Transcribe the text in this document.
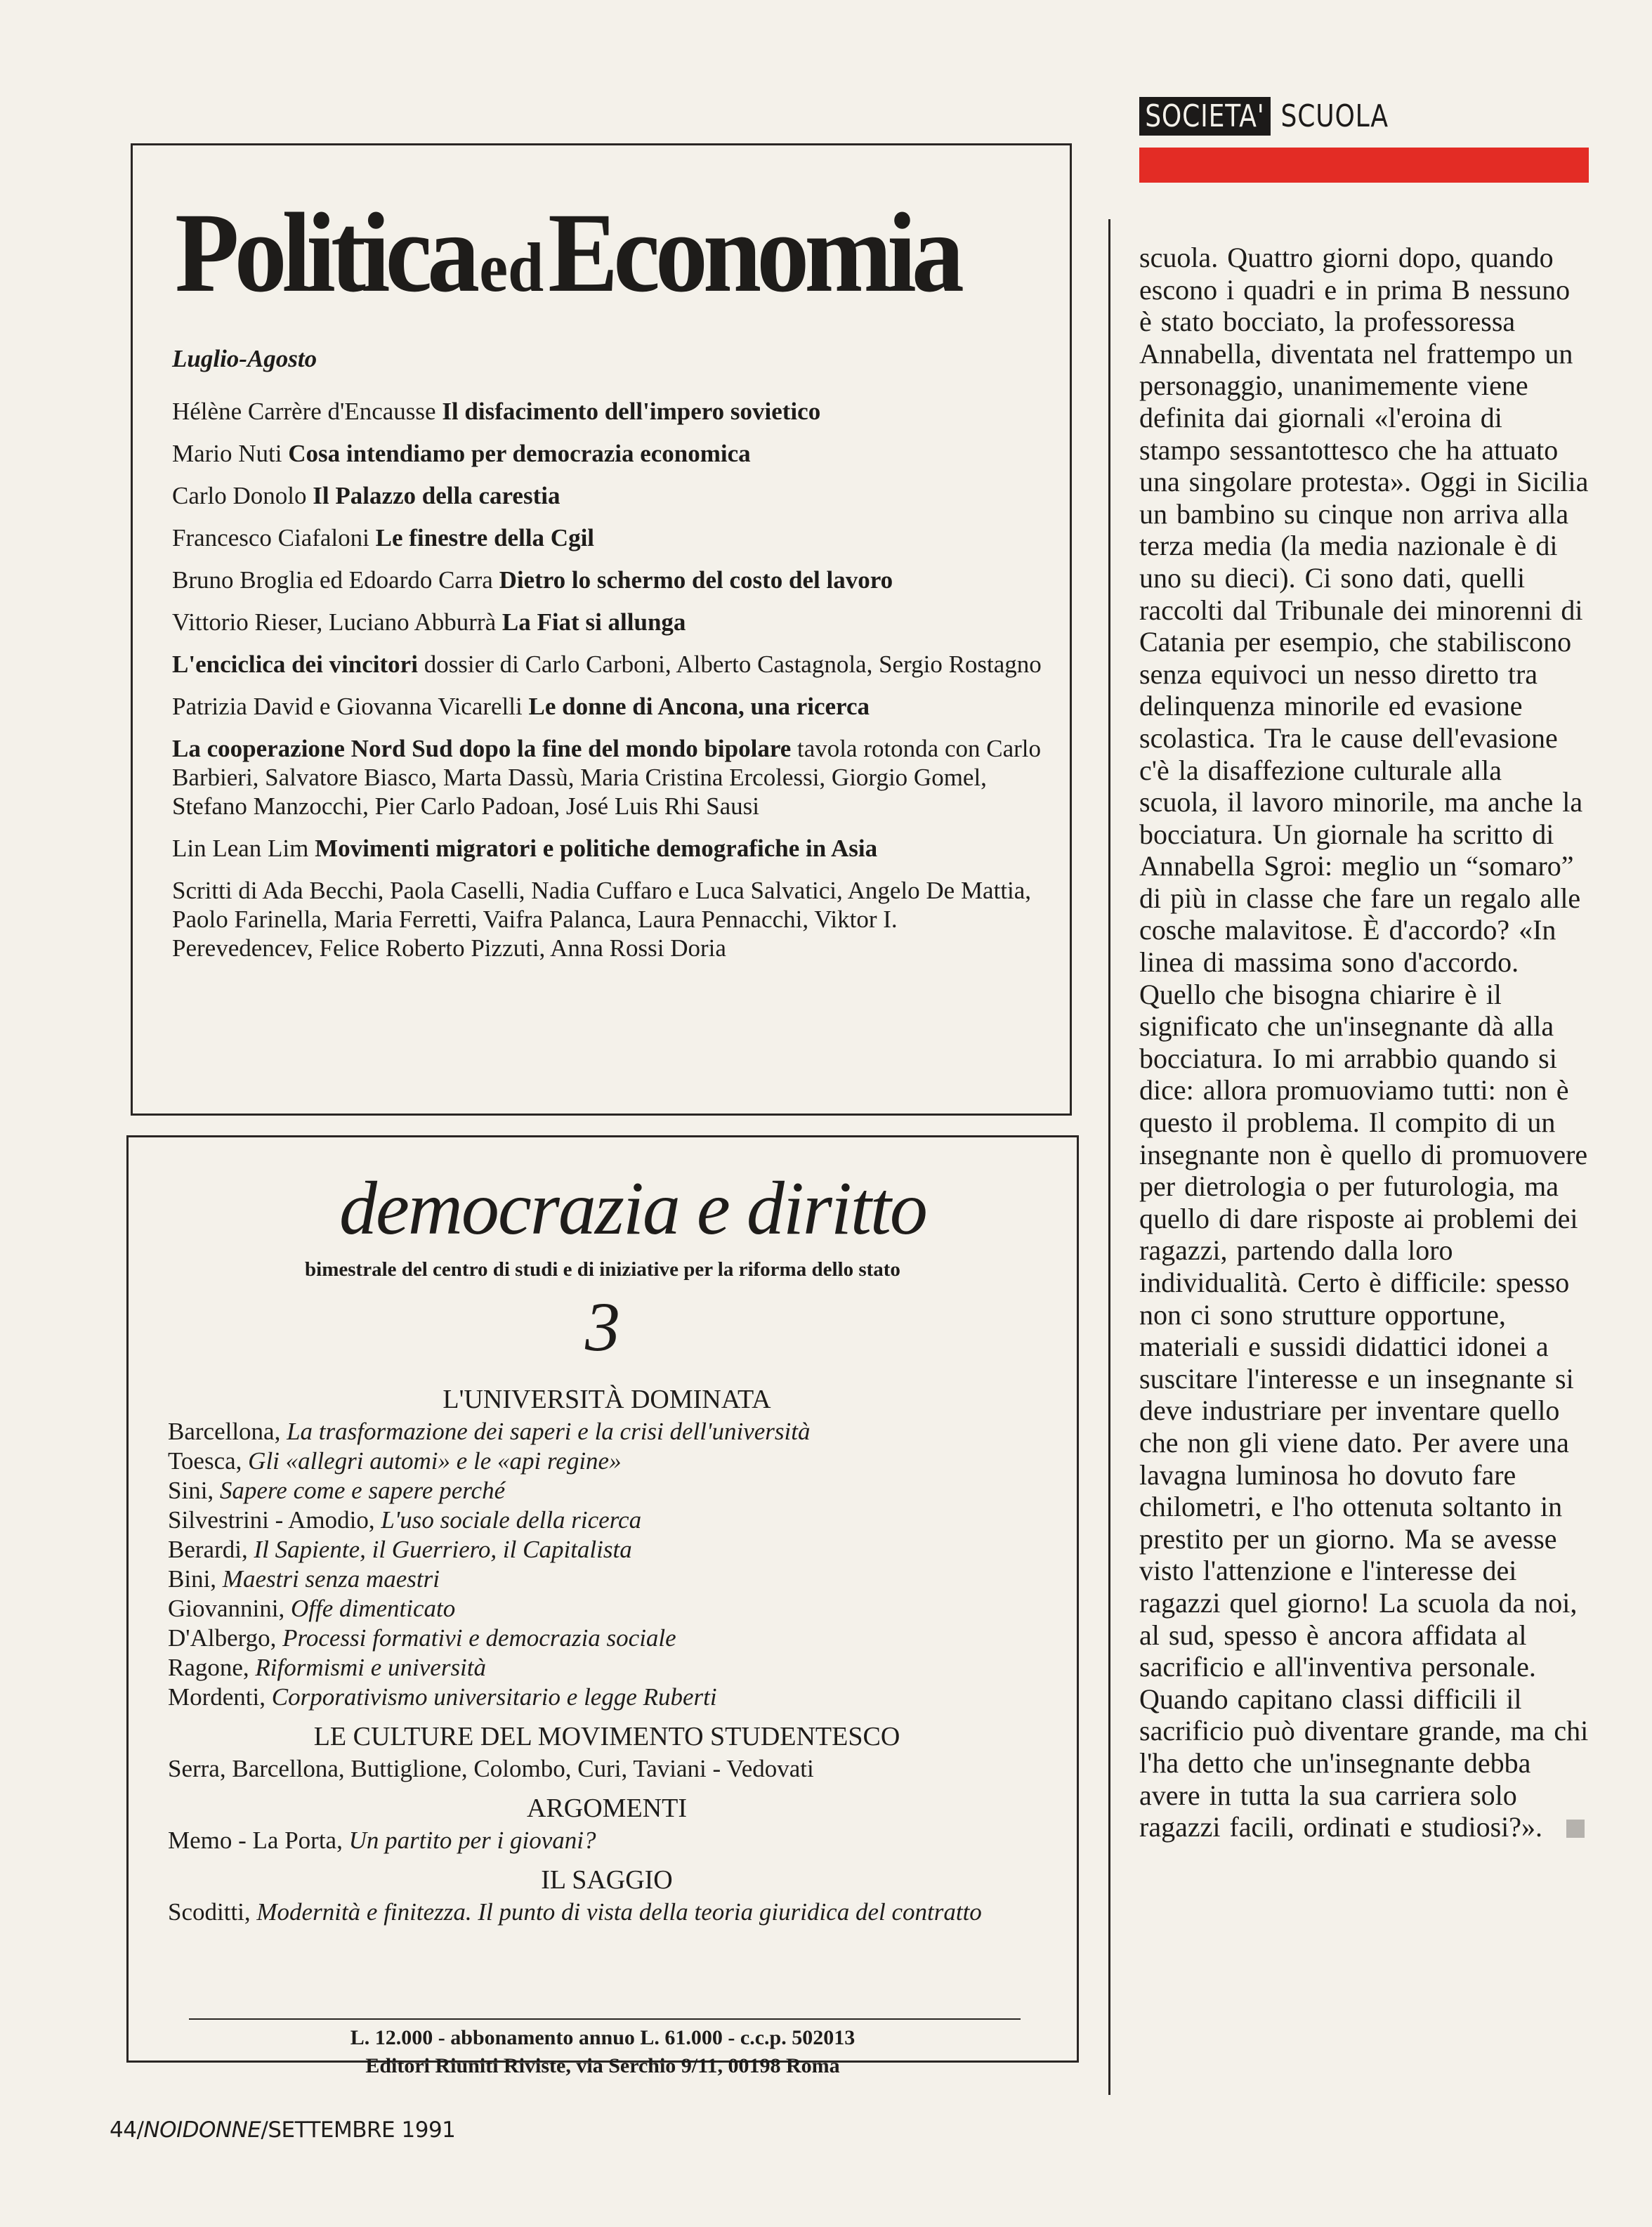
SOCIETA' SCUOLA
PoliticaedEconomia
Luglio-Agosto
Hélène Carrère d'Encausse Il disfacimento dell'impero sovietico
Mario Nuti Cosa intendiamo per democrazia economica
Carlo Donolo Il Palazzo della carestia
Francesco Ciafaloni Le finestre della Cgil
Bruno Broglia ed Edoardo Carra Dietro lo schermo del costo del lavoro
Vittorio Rieser, Luciano Abburrà La Fiat si allunga
L'enciclica dei vincitori dossier di Carlo Carboni, Alberto Castagnola, Sergio Rostagno
Patrizia David e Giovanna Vicarelli Le donne di Ancona, una ricerca
La cooperazione Nord Sud dopo la fine del mondo bipolare tavola rotonda con Carlo Barbieri, Salvatore Biasco, Marta Dassù, Maria Cristina Ercolessi, Giorgio Gomel, Stefano Manzocchi, Pier Carlo Padoan, José Luis Rhi Sausi
Lin Lean Lim Movimenti migratori e politiche demografiche in Asia
Scritti di Ada Becchi, Paola Caselli, Nadia Cuffaro e Luca Salvatici, Angelo De Mattia, Paolo Farinella, Maria Ferretti, Vaifra Palanca, Laura Pennacchi, Viktor I. Perevedencev, Felice Roberto Pizzuti, Anna Rossi Doria
democrazia e diritto
bimestrale del centro di studi e di iniziative per la riforma dello stato
3
L'UNIVERSITÀ DOMINATA
Barcellona, La trasformazione dei saperi e la crisi dell'università
Toesca, Gli «allegri automi» e le «api regine»
Sini, Sapere come e sapere perché
Silvestrini - Amodio, L'uso sociale della ricerca
Berardi, Il Sapiente, il Guerriero, il Capitalista
Bini, Maestri senza maestri
Giovannini, Offe dimenticato
D'Albergo, Processi formativi e democrazia sociale
Ragone, Riformismi e università
Mordenti, Corporativismo universitario e legge Ruberti
LE CULTURE DEL MOVIMENTO STUDENTESCO
Serra, Barcellona, Buttiglione, Colombo, Curi, Taviani - Vedovati
ARGOMENTI
Memo - La Porta, Un partito per i giovani?
IL SAGGIO
Scoditti, Modernità e finitezza. Il punto di vista della teoria giuridica del contratto
L. 12.000 - abbonamento annuo L. 61.000 - c.c.p. 502013
Editori Riuniti Riviste, via Serchio 9/11, 00198 Roma
scuola. Quattro giorni dopo, quando escono i quadri e in prima B nessuno è stato bocciato, la professoressa Annabella, diventata nel frattempo un personaggio, unanimemente viene definita dai giornali «l'eroina di stampo sessantottesco che ha attuato una singolare protesta». Oggi in Sicilia un bambino su cinque non arriva alla terza media (la media nazionale è di uno su dieci). Ci sono dati, quelli raccolti dal Tribunale dei minorenni di Catania per esempio, che stabiliscono senza equivoci un nesso diretto tra delinquenza minorile ed evasione scolastica. Tra le cause dell'evasione c'è la disaffezione culturale alla scuola, il lavoro minorile, ma anche la bocciatura. Un giornale ha scritto di Annabella Sgroi: meglio un “somaro” di più in classe che fare un regalo alle cosche malavitose. È d'accordo? «In linea di massima sono d'accordo. Quello che bisogna chiarire è il significato che un'insegnante dà alla bocciatura. Io mi arrabbio quando si dice: allora promuoviamo tutti: non è questo il problema. Il compito di un insegnante non è quello di promuovere per dietrologia o per futurologia, ma quello di dare risposte ai problemi dei ragazzi, partendo dalla loro individualità. Certo è difficile: spesso non ci sono strutture opportune, materiali e sussidi didattici idonei a suscitare l'interesse e un insegnante si deve industriare per inventare quello che non gli viene dato. Per avere una lavagna luminosa ho dovuto fare chilometri, e l'ho ottenuta soltanto in prestito per un giorno. Ma se avesse visto l'attenzione e l'interesse dei ragazzi quel giorno! La scuola da noi, al sud, spesso è ancora affidata al sacrificio e all'inventiva personale. Quando capitano classi difficili il sacrificio può diventare grande, ma chi l'ha detto che un'insegnante debba avere in tutta la sua carriera solo ragazzi facili, ordinati e studiosi?».
44/NOIDONNE/SETTEMBRE 1991
